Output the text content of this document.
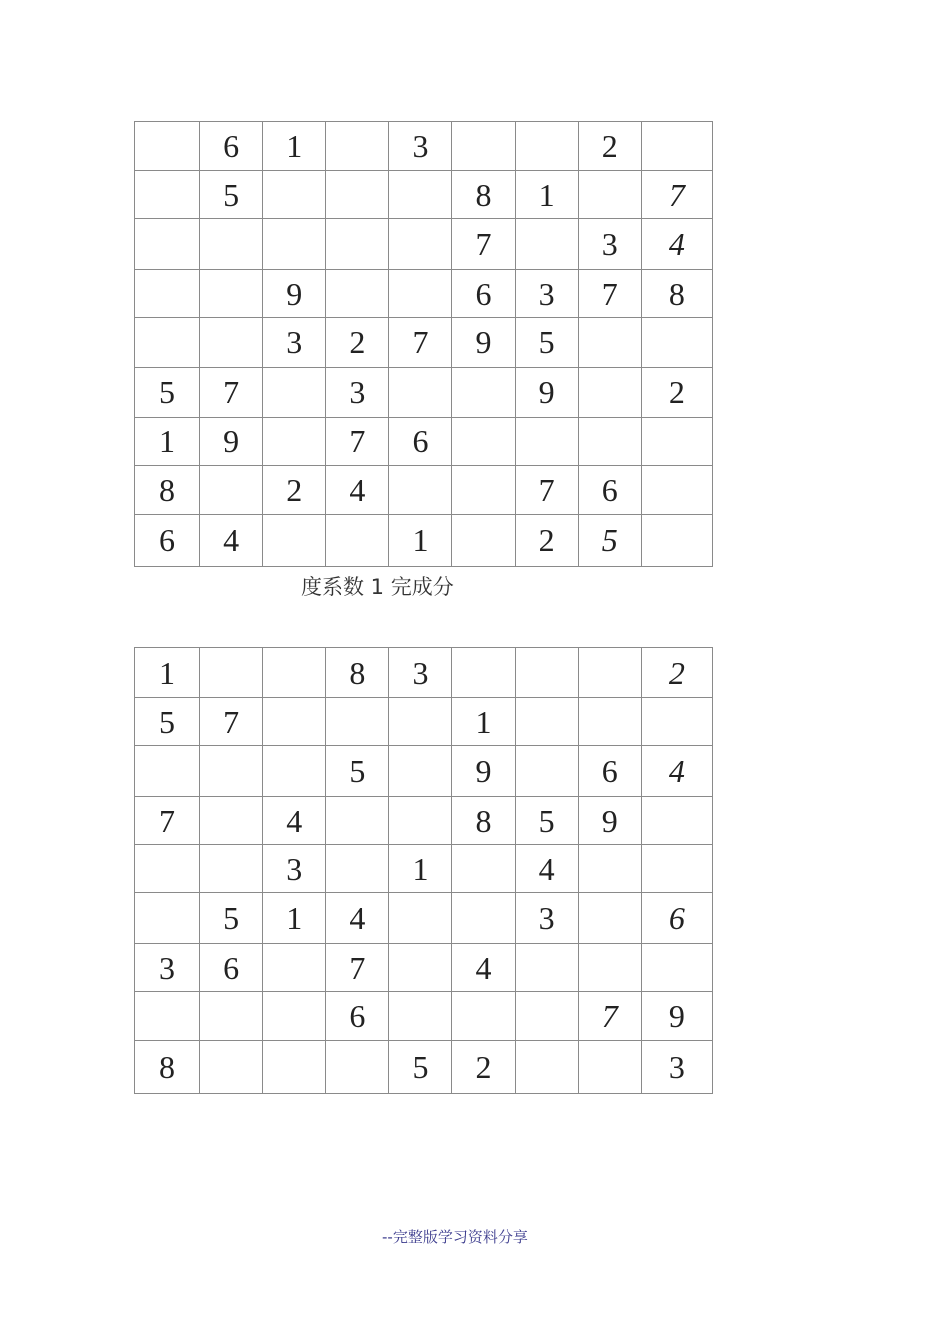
	6	1		3			2	
	5				8	1		7
					7		3	4
		9			6	3	7	8
		3	2	7	9	5		
5	7		3			9		2
1	9		7	6				
8		2	4			7	6	
6	4			1		2	5	
度系数 1 完成分
1			8	3				2
5	7				1			
			5		9		6	4
7		4			8	5	9	
		3		1		4		
	5	1	4			3		6
3	6		7		4			
			6				7	9
8				5	2			3
--完整版学习资料分享
